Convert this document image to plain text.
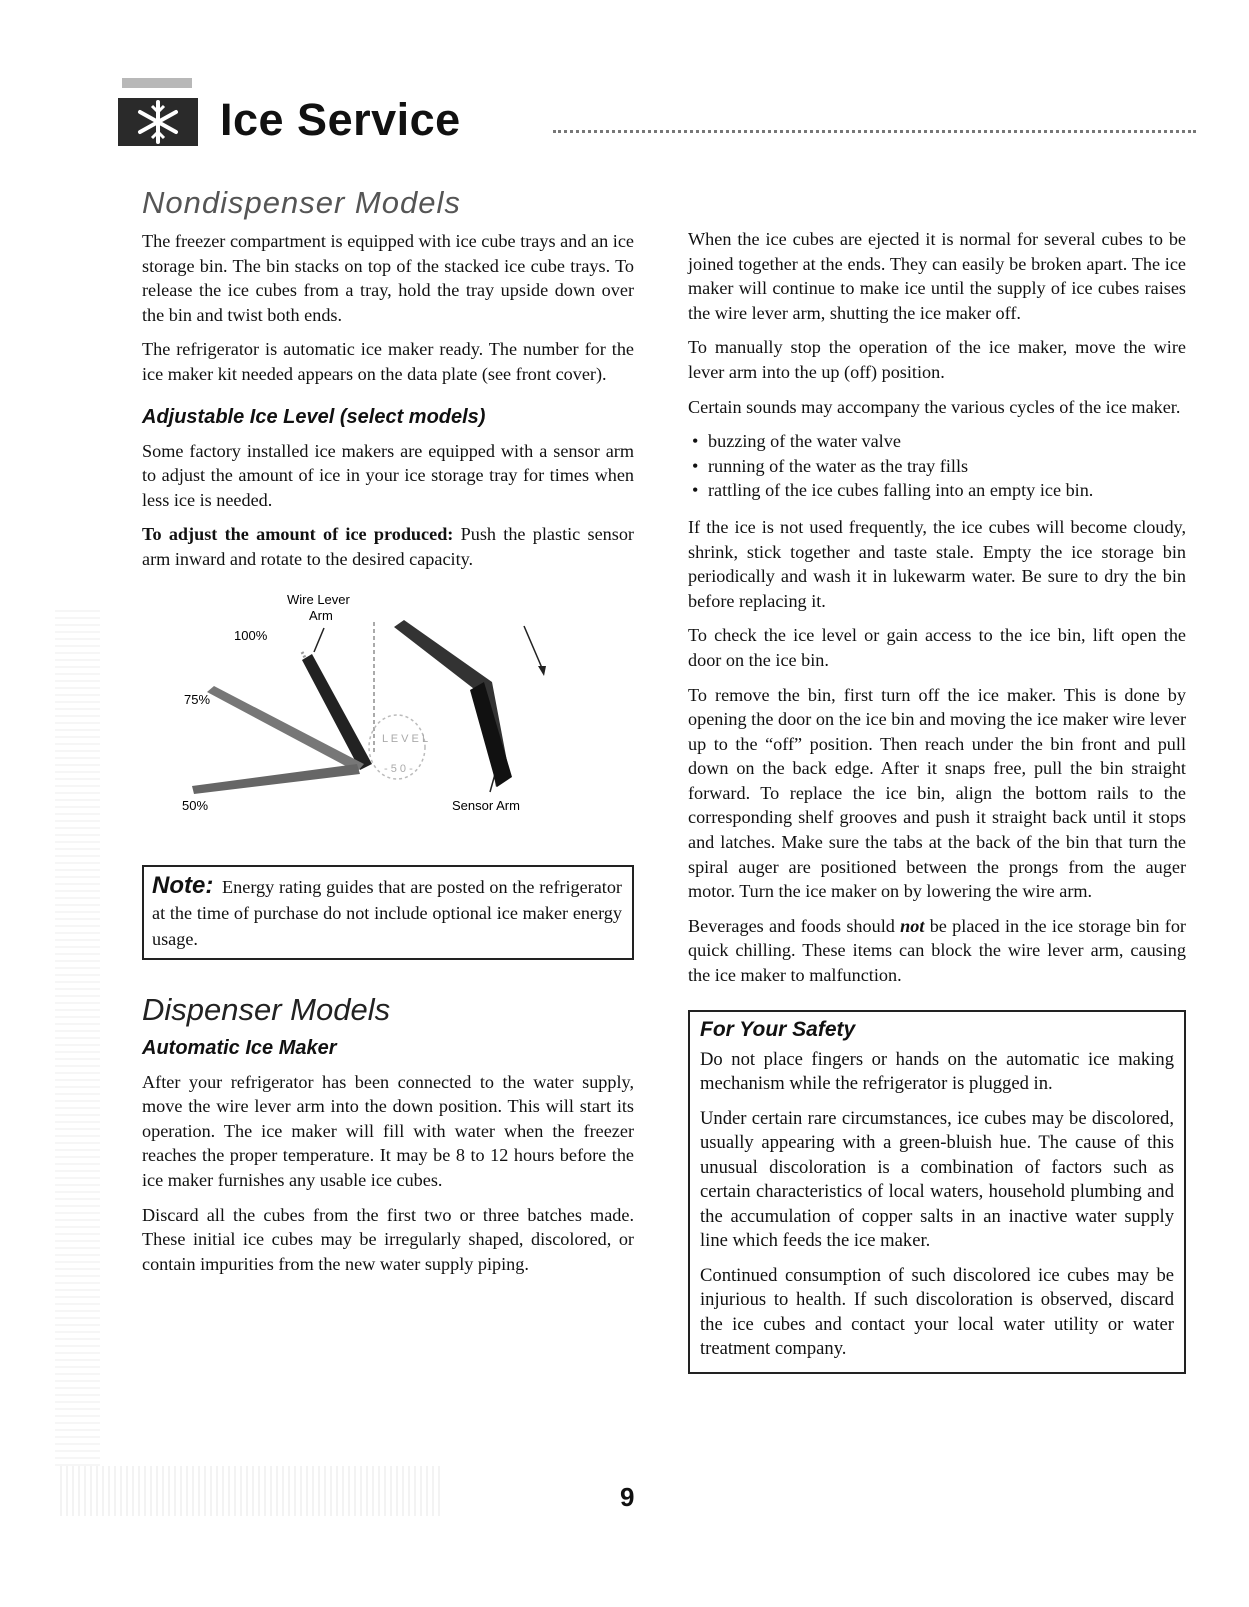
Ice Service
Nondispenser Models

The freezer compartment is equipped with ice cube trays and an ice storage bin. The bin stacks on top of the stacked ice cube trays. To release the ice cubes from a tray, hold the tray upside down over the bin and twist both ends.

The refrigerator is automatic ice maker ready. The number for the ice maker kit needed appears on the data plate (see front cover).

Adjustable Ice Level (select models)

Some factory installed ice makers are equipped with a sensor arm to adjust the amount of ice in your ice storage tray for times when less ice is needed.

To adjust the amount of ice produced: Push the plastic sensor arm inward and rotate to the desired capacity.

Wire Lever
Arm
100%
75%
50%	Sensor Arm
L E V E L
- 5 0 -
Note: Energy rating guides that are posted on the refrigerator at the time of purchase do not include optional ice maker energy usage.
Dispenser Models
Automatic Ice Maker

After your refrigerator has been connected to the water supply, move the wire lever arm into the down position. This will start its operation. The ice maker will fill with water when the freezer reaches the proper temperature. It may be 8 to 12 hours before the ice maker furnishes any usable ice cubes.

Discard all the cubes from the first two or three batches made. These initial ice cubes may be irregularly shaped, discolored, or contain impurities from the new water supply piping.

When the ice cubes are ejected it is normal for several cubes to be joined together at the ends. They can easily be broken apart. The ice maker will continue to make ice until the supply of ice cubes raises the wire lever arm, shutting the ice maker off.

To manually stop the operation of the ice maker, move the wire lever arm into the up (off) position.

Certain sounds may accompany the various cycles of the ice maker.

• buzzing of the water valve
• running of the water as the tray fills
• rattling of the ice cubes falling into an empty ice bin.

If the ice is not used frequently, the ice cubes will become cloudy, shrink, stick together and taste stale. Empty the ice storage bin periodically and wash it in lukewarm water. Be sure to dry the bin before replacing it.

To check the ice level or gain access to the ice bin, lift open the door on the ice bin.

To remove the bin, first turn off the ice maker. This is done by opening the door on the ice bin and moving the ice maker wire lever up to the “off” position. Then reach under the bin front and pull down on the back edge. After it snaps free, pull the bin straight forward. To replace the ice bin, align the bottom rails to the corresponding shelf grooves and push it straight back until it stops and latches. Make sure the tabs at the back of the bin that turn the spiral auger are positioned between the prongs from the auger motor. Turn the ice maker on by lowering the wire arm.

Beverages and foods should not be placed in the ice storage bin for quick chilling. These items can block the wire lever arm, causing the ice maker to malfunction.

For Your Safety

Do not place fingers or hands on the automatic ice making mechanism while the refrigerator is plugged in.

Under certain rare circumstances, ice cubes may be discolored, usually appearing with a green-bluish hue. The cause of this unusual discoloration is a combination of factors such as certain characteristics of local waters, household plumbing and the accumulation of copper salts in an inactive water supply line which feeds the ice maker.

Continued consumption of such discolored ice cubes may be injurious to health. If such discoloration is observed, discard the ice cubes and contact your local water utility or water treatment company.

9
